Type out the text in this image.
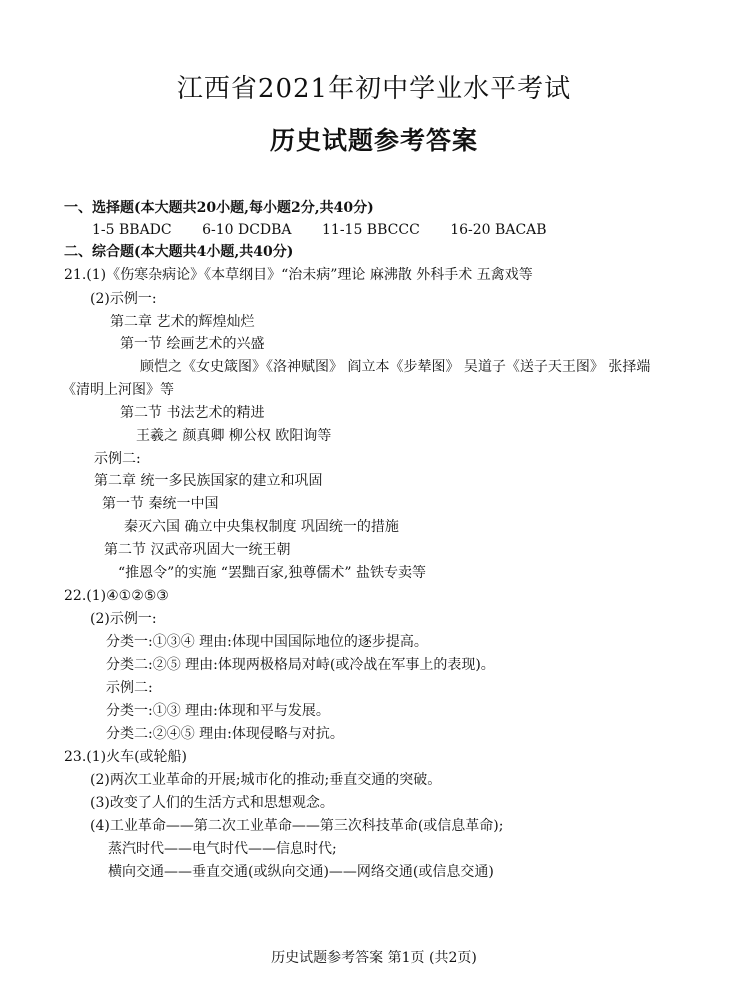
江西省2021年初中学业水平考试
历史试题参考答案
一、选择题(本大题共20小题,每小题2分,共40分)
1-5 BBADC 6-10 DCDBA 11-15 BBCCC 16-20 BACAB
二、综合题(本大题共4小题,共40分)
21.(1)《伤寒杂病论》《本草纲目》“治未病”理论 麻沸散 外科手术 五禽戏等
(2)示例一:
第二章 艺术的辉煌灿烂
第一节 绘画艺术的兴盛
顾恺之《女史箴图》《洛神赋图》 阎立本《步辇图》 吴道子《送子天王图》 张择端
《清明上河图》等
第二节 书法艺术的精进
王羲之 颜真卿 柳公权 欧阳询等
示例二:
第二章 统一多民族国家的建立和巩固
第一节 秦统一中国
秦灭六国 确立中央集权制度 巩固统一的措施
第二节 汉武帝巩固大一统王朝
“推恩令”的实施 “罢黜百家,独尊儒术” 盐铁专卖等
22.(1)④①②⑤③
(2)示例一:
分类一:①③④ 理由:体现中国国际地位的逐步提高。
分类二:②⑤ 理由:体现两极格局对峙(或冷战在军事上的表现)。
示例二:
分类一:①③ 理由:体现和平与发展。
分类二:②④⑤ 理由:体现侵略与对抗。
23.(1)火车(或轮船)
(2)两次工业革命的开展;城市化的推动;垂直交通的突破。
(3)改变了人们的生活方式和思想观念。
(4)工业革命——第二次工业革命——第三次科技革命(或信息革命);
蒸汽时代——电气时代——信息时代;
横向交通——垂直交通(或纵向交通)——网络交通(或信息交通)
历史试题参考答案 第1页 (共2页)
